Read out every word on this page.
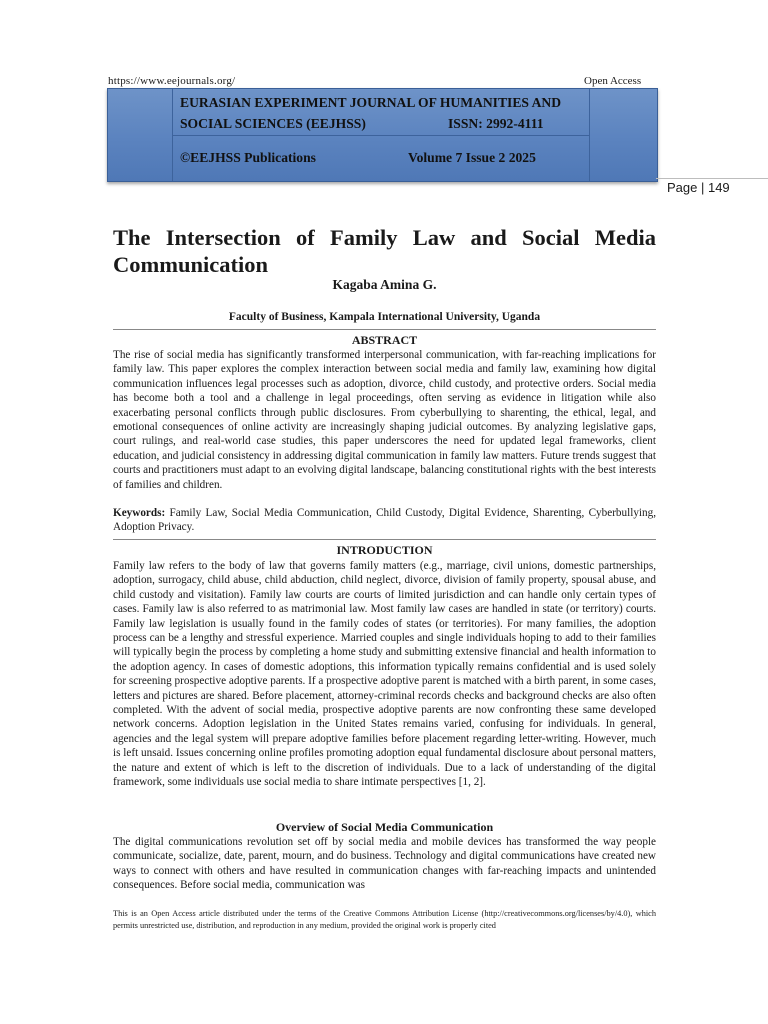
https://www.eejournals.org/	Open Access
EURASIAN EXPERIMENT JOURNAL OF HUMANITIES AND
SOCIAL SCIENCES (EEJHSS)	ISSN: 2992-4111
©EEJHSS Publications	Volume 7 Issue 2 2025
Page | 149
The Intersection of Family Law and Social Media Communication
Kagaba Amina G.
Faculty of Business, Kampala International University, Uganda
ABSTRACT
The rise of social media has significantly transformed interpersonal communication, with far-reaching implications for family law. This paper explores the complex interaction between social media and family law, examining how digital communication influences legal processes such as adoption, divorce, child custody, and protective orders. Social media has become both a tool and a challenge in legal proceedings, often serving as evidence in litigation while also exacerbating personal conflicts through public disclosures. From cyberbullying to sharenting, the ethical, legal, and emotional consequences of online activity are increasingly shaping judicial outcomes. By analyzing legislative gaps, court rulings, and real-world case studies, this paper underscores the need for updated legal frameworks, client education, and judicial consistency in addressing digital communication in family law matters. Future trends suggest that courts and practitioners must adapt to an evolving digital landscape, balancing constitutional rights with the best interests of families and children.
Keywords: Family Law, Social Media Communication, Child Custody, Digital Evidence, Sharenting, Cyberbullying, Adoption Privacy.
INTRODUCTION
Family law refers to the body of law that governs family matters (e.g., marriage, civil unions, domestic partnerships, adoption, surrogacy, child abuse, child abduction, child neglect, divorce, division of family property, spousal abuse, and child custody and visitation). Family law courts are courts of limited jurisdiction and can handle only certain types of cases. Family law is also referred to as matrimonial law. Most family law cases are handled in state (or territory) courts. Family law legislation is usually found in the family codes of states (or territories). For many families, the adoption process can be a lengthy and stressful experience. Married couples and single individuals hoping to add to their families will typically begin the process by completing a home study and submitting extensive financial and health information to the adoption agency. In cases of domestic adoptions, this information typically remains confidential and is used solely for screening prospective adoptive parents. If a prospective adoptive parent is matched with a birth parent, in some cases, letters and pictures are shared. Before placement, attorney-criminal records checks and background checks are also often completed. With the advent of social media, prospective adoptive parents are now confronting these same developed network concerns. Adoption legislation in the United States remains varied, confusing for individuals. In general, agencies and the legal system will prepare adoptive families before placement regarding letter-writing. However, much is left unsaid. Issues concerning online profiles promoting adoption equal fundamental disclosure about personal matters, the nature and extent of which is left to the discretion of individuals. Due to a lack of understanding of the digital framework, some individuals use social media to share intimate perspectives [1, 2].
Overview of Social Media Communication
The digital communications revolution set off by social media and mobile devices has transformed the way people communicate, socialize, date, parent, mourn, and do business. Technology and digital communications have created new ways to connect with others and have resulted in communication changes with far-reaching impacts and unintended consequences. Before social media, communication was
This is an Open Access article distributed under the terms of the Creative Commons Attribution License (http://creativecommons.org/licenses/by/4.0), which permits unrestricted use, distribution, and reproduction in any medium, provided the original work is properly cited
